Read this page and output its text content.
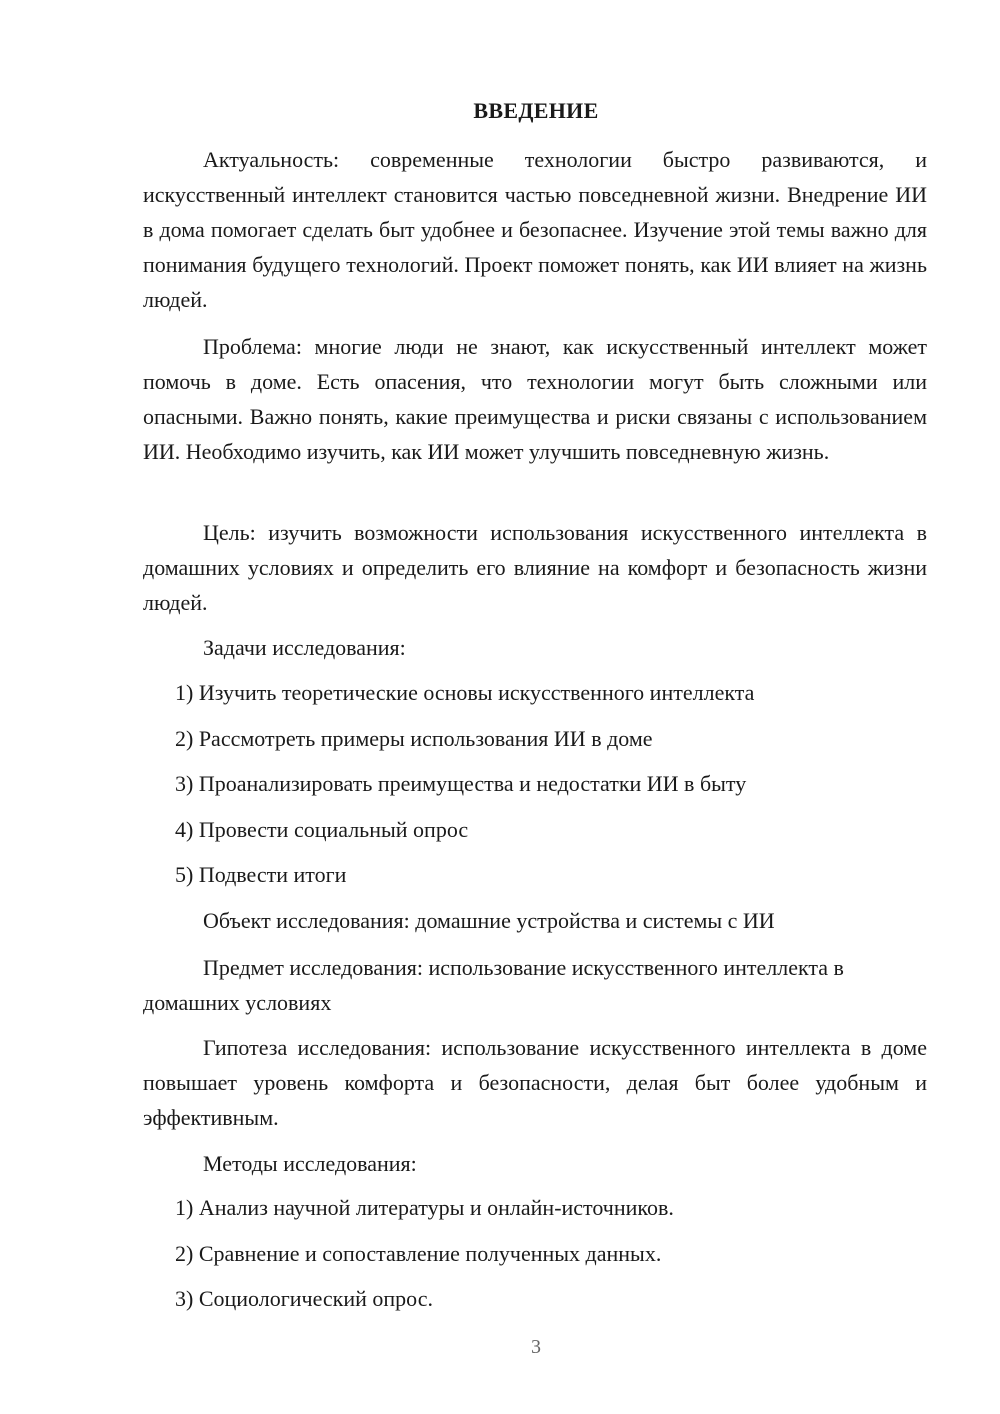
ВВЕДЕНИЕ

Актуальность: современные технологии быстро развиваются, и искусственный интеллект становится частью повседневной жизни. Внедрение ИИ в дома помогает сделать быт удобнее и безопаснее. Изучение этой темы важно для понимания будущего технологий. Проект поможет понять, как ИИ влияет на жизнь людей.

Проблема: многие люди не знают, как искусственный интеллект может помочь в доме. Есть опасения, что технологии могут быть сложными или опасными. Важно понять, какие преимущества и риски связаны с использованием ИИ. Необходимо изучить, как ИИ может улучшить повседневную жизнь.

Цель: изучить возможности использования искусственного интеллекта в домашних условиях и определить его влияние на комфорт и безопасность жизни людей.

Задачи исследования:

1) Изучить теоретические основы искусственного интеллекта

2) Рассмотреть примеры использования ИИ в доме

3) Проанализировать преимущества и недостатки ИИ в быту

4) Провести социальный опрос

5) Подвести итоги

Объект исследования: домашние устройства и системы с ИИ

Предмет исследования: использование искусственного интеллекта в домашних условиях

Гипотеза исследования: использование искусственного интеллекта в доме повышает уровень комфорта и безопасности, делая быт более удобным и эффективным.

Методы исследования:

1) Анализ научной литературы и онлайн-источников.

2) Сравнение и сопоставление полученных данных.

3) Социологический опрос.

3
